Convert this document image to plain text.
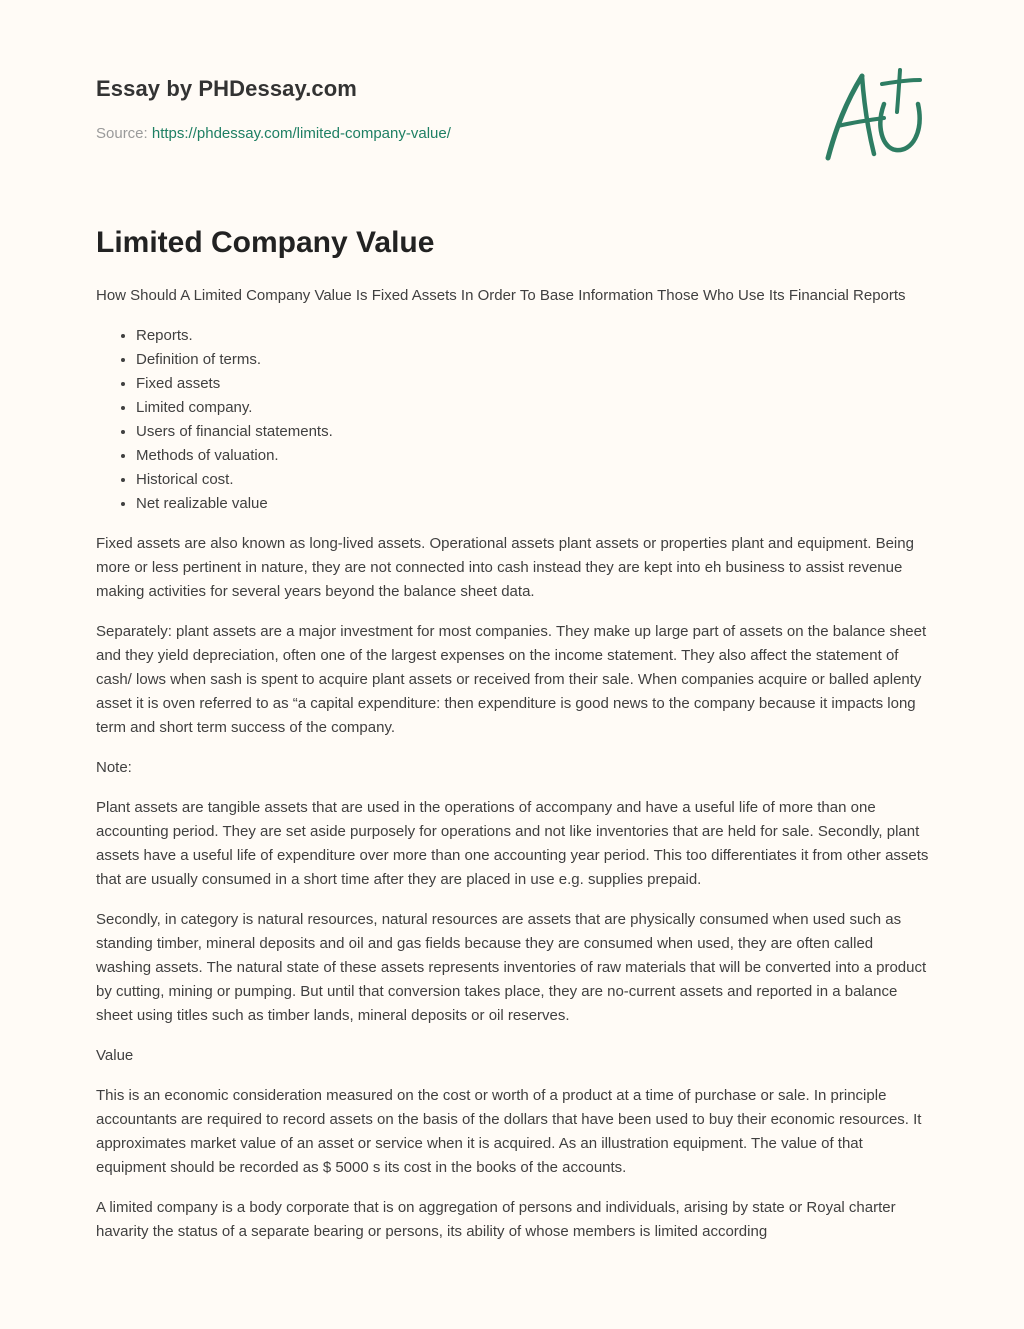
Essay by PHDessay.com
Source: https://phdessay.com/limited-company-value/
Limited Company Value

How Should A Limited Company Value Is Fixed Assets In Order To Base Information Those Who Use Its Financial Reports

• Reports.
• Definition of terms.
• Fixed assets
• Limited company.
• Users of financial statements.
• Methods of valuation.
• Historical cost.
• Net realizable value

Fixed assets are also known as long-lived assets. Operational assets plant assets or properties plant and equipment. Being more or less pertinent in nature, they are not connected into cash instead they are kept into eh business to assist revenue making activities for several years beyond the balance sheet data.

Separately: plant assets are a major investment for most companies. They make up large part of assets on the balance sheet and they yield depreciation, often one of the largest expenses on the income statement. They also affect the statement of cash/ lows when sash is spent to acquire plant assets or received from their sale. When companies acquire or balled aplenty asset it is oven referred to as “a capital expenditure: then expenditure is good news to the company because it impacts long term and short term success of the company.

Note:

Plant assets are tangible assets that are used in the operations of accompany and have a useful life of more than one accounting period. They are set aside purposely for operations and not like inventories that are held for sale. Secondly, plant assets have a useful life of expenditure over more than one accounting year period. This too differentiates it from other assets that are usually consumed in a short time after they are placed in use e.g. supplies prepaid.

Secondly, in category is natural resources, natural resources are assets that are physically consumed when used such as standing timber, mineral deposits and oil and gas fields because they are consumed when used, they are often called washing assets. The natural state of these assets represents inventories of raw materials that will be converted into a product by cutting, mining or pumping. But until that conversion takes place, they are no-current assets and reported in a balance sheet using titles such as timber lands, mineral deposits or oil reserves.

Value

This is an economic consideration measured on the cost or worth of a product at a time of purchase or sale. In principle accountants are required to record assets on the basis of the dollars that have been used to buy their economic resources. It approximates market value of an asset or service when it is acquired. As an illustration equipment. The value of that equipment should be recorded as $ 5000 s its cost in the books of the accounts.

A limited company is a body corporate that is on aggregation of persons and individuals, arising by state or Royal charter havarity the status of a separate bearing or persons, its ability of whose members is limited according
